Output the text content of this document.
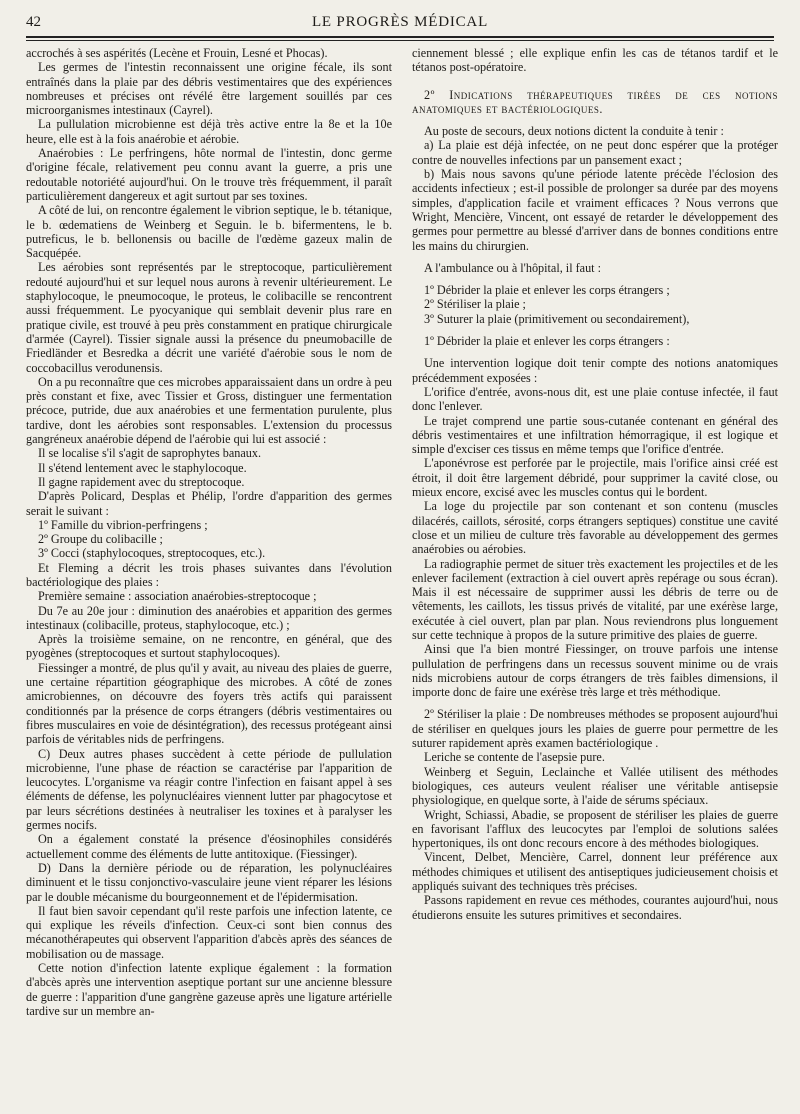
42	LE PROGRÈS MÉDICAL

accrochés à ses aspérités (Lecène et Frouin, Lesné et Phocas).

Les germes de l'intestin reconnaissent une origine fécale, ils sont entraînés dans la plaie par des débris vestimentaires que des expériences nombreuses et précises ont révélé être largement souillés par ces microorganismes intestinaux (Cayrel).

La pullulation microbienne est déjà très active entre la 8e et la 10e heure, elle est à la fois anaérobie et aérobie.

Anaérobies : Le perfringens, hôte normal de l'intestin, donc germe d'origine fécale, relativement peu connu avant la guerre, a pris une redoutable notoriété aujourd'hui. On le trouve très fréquemment, il paraît particulièrement dangereux et agit surtout par ses toxines.

A côté de lui, on rencontre également le vibrion septique, le b. tétanique, le b. œdematiens de Weinberg et Seguin. le b. bifermentens, le b. putreficus, le b. bellonensis ou bacille de l'œdème gazeux malin de Sacquépée.

Les aérobies sont représentés par le streptocoque, particulièrement redouté aujourd'hui et sur lequel nous aurons à revenir ultérieurement. Le staphylocoque, le pneumocoque, le proteus, le colibacille se rencontrent aussi fréquemment. Le pyocyanique qui semblait devenir plus rare en pratique civile, est trouvé à peu près constamment en pratique chirurgicale d'armée (Cayrel). Tissier signale aussi la présence du pneumobacille de Friedländer et Besredka a décrit une variété d'aérobie sous le nom de coccobacillus verodunensis.

On a pu reconnaître que ces microbes apparaissaient dans un ordre à peu près constant et fixe, avec Tissier et Gross, distinguer une fermentation précoce, putride, due aux anaérobies et une fermentation purulente, plus tardive, dont les aérobies sont responsables. L'extension du processus gangréneux anaérobie dépend de l'aérobie qui lui est associé :

Il se localise s'il s'agit de saprophytes banaux.

Il s'étend lentement avec le staphylocoque.

Il gagne rapidement avec du streptocoque.

D'après Policard, Desplas et Phélip, l'ordre d'apparition des germes serait le suivant :

1º Famille du vibrion-perfringens ;

2º Groupe du colibacille ;

3º Cocci (staphylocoques, streptocoques, etc.).

Et Fleming a décrit les trois phases suivantes dans l'évolution bactériologique des plaies :

Première semaine : association anaérobies-streptocoque ;

Du 7e au 20e jour : diminution des anaérobies et apparition des germes intestinaux (colibacille, proteus, staphylocoque, etc.) ;

Après la troisième semaine, on ne rencontre, en général, que des pyogènes (streptocoques et surtout staphylocoques).

Fiessinger a montré, de plus qu'il y avait, au niveau des plaies de guerre, une certaine répartition géographique des microbes. A côté de zones amicrobiennes, on découvre des foyers très actifs qui paraissent conditionnés par la présence de corps étrangers (débris vestimentaires ou fibres musculaires en voie de désintégration), des recessus protégeant ainsi parfois de véritables nids de perfringens.

C) Deux autres phases succèdent à cette période de pullulation microbienne, l'une phase de réaction se caractérise par l'apparition de leucocytes. L'organisme va réagir contre l'infection en faisant appel à ses éléments de défense, les polynucléaires viennent lutter par phagocytose et par leurs sécrétions destinées à neutraliser les toxines et à paralyser les germes nocifs.

On a également constaté la présence d'éosinophiles considérés actuellement comme des éléments de lutte antitoxique. (Fiessinger).

D) Dans la dernière période ou de réparation, les polynucléaires diminuent et le tissu conjonctivo-vasculaire jeune vient réparer les lésions par le double mécanisme du bourgeonnement et de l'épidermisation.

Il faut bien savoir cependant qu'il reste parfois une infection latente, ce qui explique les réveils d'infection. Ceux-ci sont bien connus des mécanothérapeutes qui observent l'apparition d'abcès après des séances de mobilisation ou de massage.

Cette notion d'infection latente explique également : la formation d'abcès après une intervention aseptique portant sur une ancienne blessure de guerre : l'apparition d'une gangrène gazeuse après une ligature artérielle tardive sur un membre an-

ciennement blessé ; elle explique enfin les cas de tétanos tardif et le tétanos post-opératoire.

2º Indications thérapeutiques tirées de ces notions anatomiques et bactériologiques.

Au poste de secours, deux notions dictent la conduite à tenir :

a) La plaie est déjà infectée, on ne peut donc espérer que la protéger contre de nouvelles infections par un pansement exact ;

b) Mais nous savons qu'une période latente précède l'éclosion des accidents infectieux ; est-il possible de prolonger sa durée par des moyens simples, d'application facile et vraiment efficaces ? Nous verrons que Wright, Mencière, Vincent, ont essayé de retarder le développement des germes pour permettre au blessé d'arriver dans de bonnes conditions entre les mains du chirurgien.

A l'ambulance ou à l'hôpital, il faut :

1º Débrider la plaie et enlever les corps étrangers ;

2º Stériliser la plaie ;

3º Suturer la plaie (primitivement ou secondairement),

1º Débrider la plaie et enlever les corps étrangers :

Une intervention logique doit tenir compte des notions anatomiques précédemment exposées :

L'orifice d'entrée, avons-nous dit, est une plaie contuse infectée, il faut donc l'enlever.

Le trajet comprend une partie sous-cutanée contenant en général des débris vestimentaires et une infiltration hémorragique, il est logique et simple d'exciser ces tissus en même temps que l'orifice d'entrée.

L'aponévrose est perforée par le projectile, mais l'orifice ainsi créé est étroit, il doit être largement débridé, pour supprimer la cavité close, ou mieux encore, excisé avec les muscles contus qui le bordent.

La loge du projectile par son contenant et son contenu (muscles dilacérés, caillots, sérosité, corps étrangers septiques) constitue une cavité close et un milieu de culture très favorable au développement des germes anaérobies ou aérobies.

La radiographie permet de situer très exactement les projectiles et de les enlever facilement (extraction à ciel ouvert après repérage ou sous écran). Mais il est nécessaire de supprimer aussi les débris de terre ou de vêtements, les caillots, les tissus privés de vitalité, par une exérèse large, exécutée à ciel ouvert, plan par plan. Nous reviendrons plus longuement sur cette technique à propos de la suture primitive des plaies de guerre.

Ainsi que l'a bien montré Fiessinger, on trouve parfois une intense pullulation de perfringens dans un recessus souvent minime ou de vrais nids microbiens autour de corps étrangers de très faibles dimensions, il importe donc de faire une exérèse très large et très méthodique.

2º Stériliser la plaie : De nombreuses méthodes se proposent aujourd'hui de stériliser en quelques jours les plaies de guerre pour permettre de les suturer rapidement après examen bactériologique .

Leriche se contente de l'asepsie pure.

Weinberg et Seguin, Leclainche et Vallée utilisent des méthodes biologiques, ces auteurs veulent réaliser une véritable antisepsie physiologique, en quelque sorte, à l'aide de sérums spéciaux.

Wright, Schiassi, Abadie, se proposent de stériliser les plaies de guerre en favorisant l'afflux des leucocytes par l'emploi de solutions salées hypertoniques, ils ont donc recours encore à des méthodes biologiques.

Vincent, Delbet, Mencière, Carrel, donnent leur préférence aux méthodes chimiques et utilisent des antiseptiques judicieusement choisis et appliqués suivant des techniques très précises.

Passons rapidement en revue ces méthodes, courantes aujourd'hui, nous étudierons ensuite les sutures primitives et secondaires.
